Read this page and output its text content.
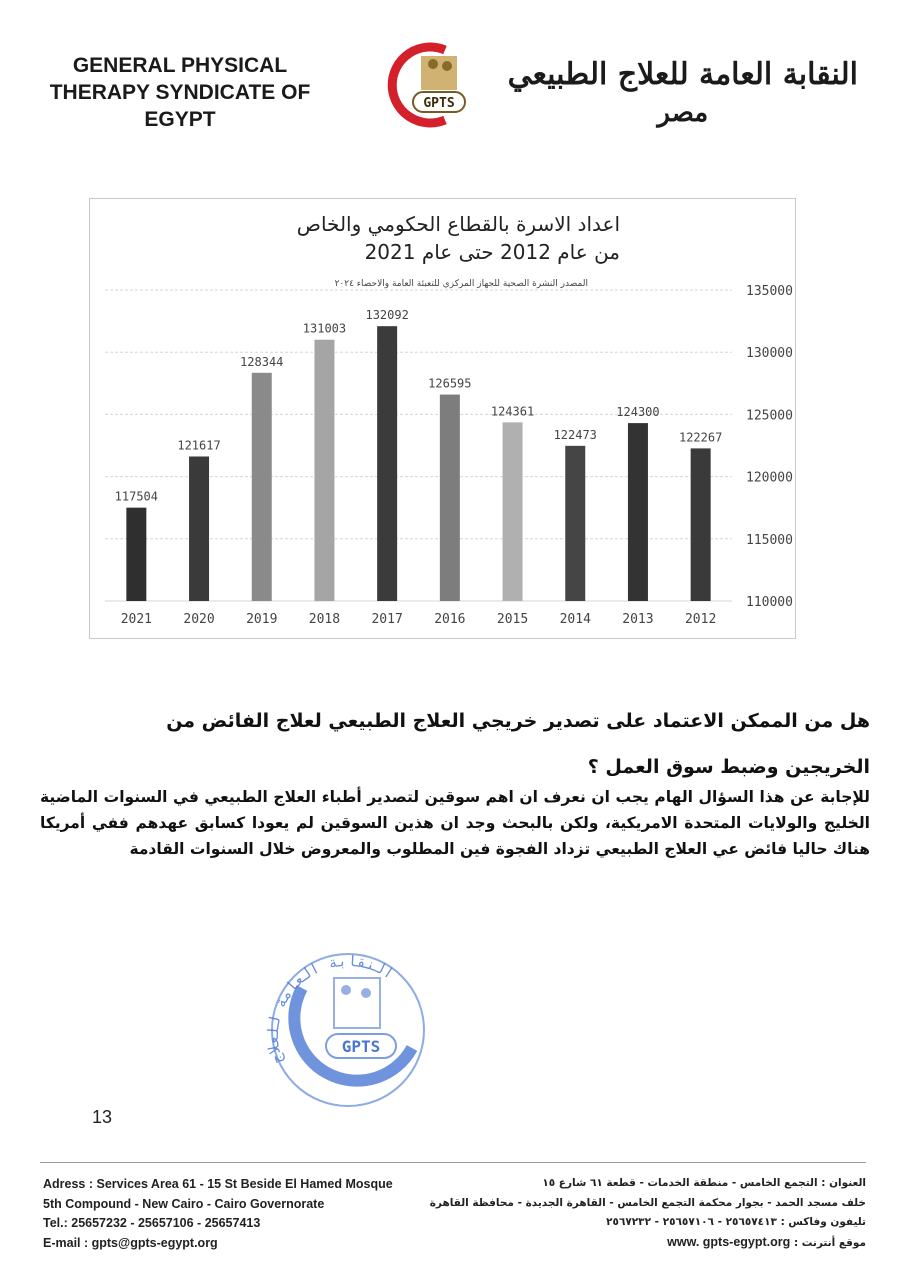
GENERAL PHYSICAL
THERAPY SYNDICATE OF
EGYPT
GPTS
النقابة العامة للعلاج الطبيعي
مصر
اعداد الاسرة بالقطاع الحكومي والخاص
من عام 2012 حتى عام 2021
المصدر النشرة الصحية للجهاز المركزي للتعبئة العامة والاحصاء ٢٠٢٤
110000
115000
120000
125000
130000
135000
117504
2021
121617
2020
128344
2019
131003
2018
132092
2017
126595
2016
124361
2015
122473
2014
124300
2013
122267
2012
هل من الممكن الاعتماد على تصدير خريجي العلاج الطبيعي لعلاج الفائض من
الخريجين وضبط سوق العمل ؟
للإجابة عن هذا السؤال الهام يجب ان نعرف ان اهم سوقين لتصدير أطباء العلاج الطبيعي في السنوات الماضية الخليج والولايات المتحدة الامريكية، ولكن بالبحث وجد ان هذين السوقين لم يعودا كسابق عهدهم ففي أمريكا هناك حاليا فائض عي العلاج الطبيعي تزداد الفجوة فين المطلوب والمعروض خلال السنوات القادمة
النقابة العامة للعلاج
GPTS
13
Adress : Services Area 61 - 15 St Beside El Hamed Mosque
5th Compound - New Cairo - Cairo Governorate
Tel.: 25657232 - 25657106 - 25657413
E-mail : gpts@gpts-egypt.org
العنوان : التجمع الخامس - منطقة الخدمات - قطعة ٦١ شارع ١٥
خلف مسجد الحمد - بجوار محكمة التجمع الخامس - القاهرة الجديدة - محافظة القاهرة
تليفون وفاكس : ٢٥٦٥٧٤١٣ - ٢٥٦٥٧١٠٦ - ٢٥٦٧٢٣٢
موقع أنترنت : www. gpts-egypt.org
